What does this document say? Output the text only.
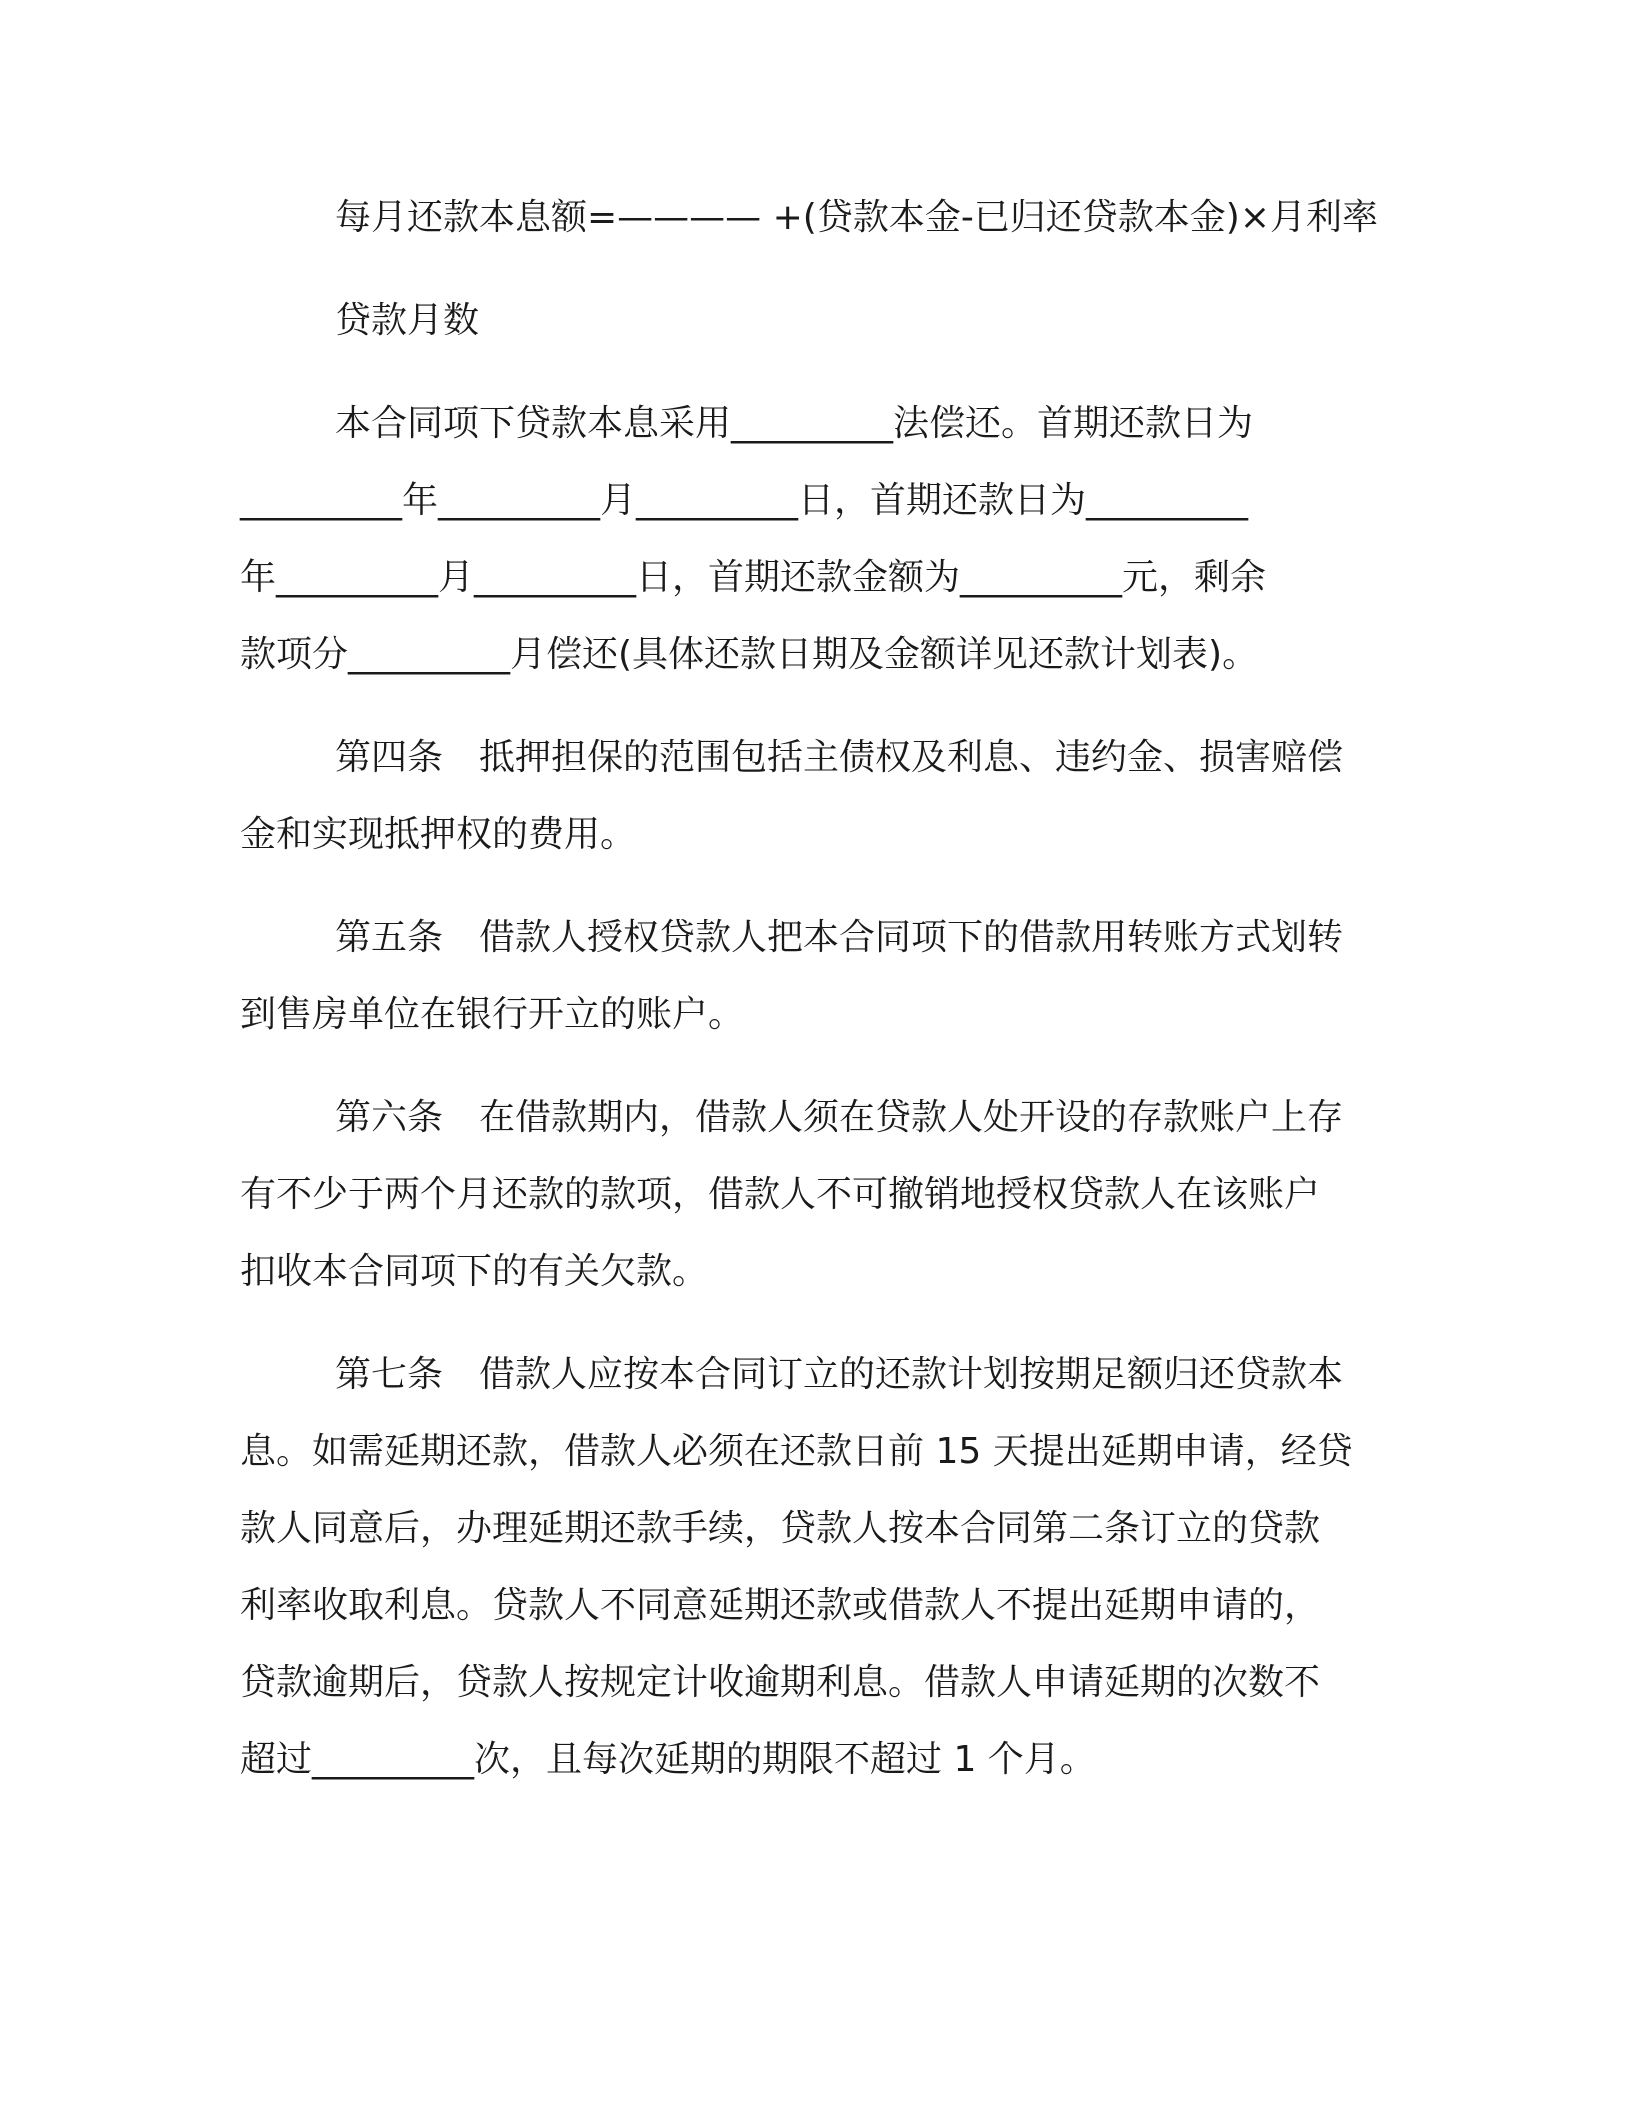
每月还款本息额=———— +(贷款本金-已归还贷款本金)×月利率
贷款月数
本合同项下贷款本息采用_________法偿还。首期还款日为
_________年_________月_________日，首期还款日为_________
年_________月_________日，首期还款金额为_________元，剩余
款项分_________月偿还(具体还款日期及金额详见还款计划表)。
第四条　抵押担保的范围包括主债权及利息、违约金、损害赔偿
金和实现抵押权的费用。
第五条　借款人授权贷款人把本合同项下的借款用转账方式划转
到售房单位在银行开立的账户。
第六条　在借款期内，借款人须在贷款人处开设的存款账户上存
有不少于两个月还款的款项，借款人不可撤销地授权贷款人在该账户
扣收本合同项下的有关欠款。
第七条　借款人应按本合同订立的还款计划按期足额归还贷款本
息。如需延期还款，借款人必须在还款日前 15 天提出延期申请，经贷
款人同意后，办理延期还款手续，贷款人按本合同第二条订立的贷款
利率收取利息。贷款人不同意延期还款或借款人不提出延期申请的，
贷款逾期后，贷款人按规定计收逾期利息。借款人申请延期的次数不
超过_________次，且每次延期的期限不超过 1 个月。
